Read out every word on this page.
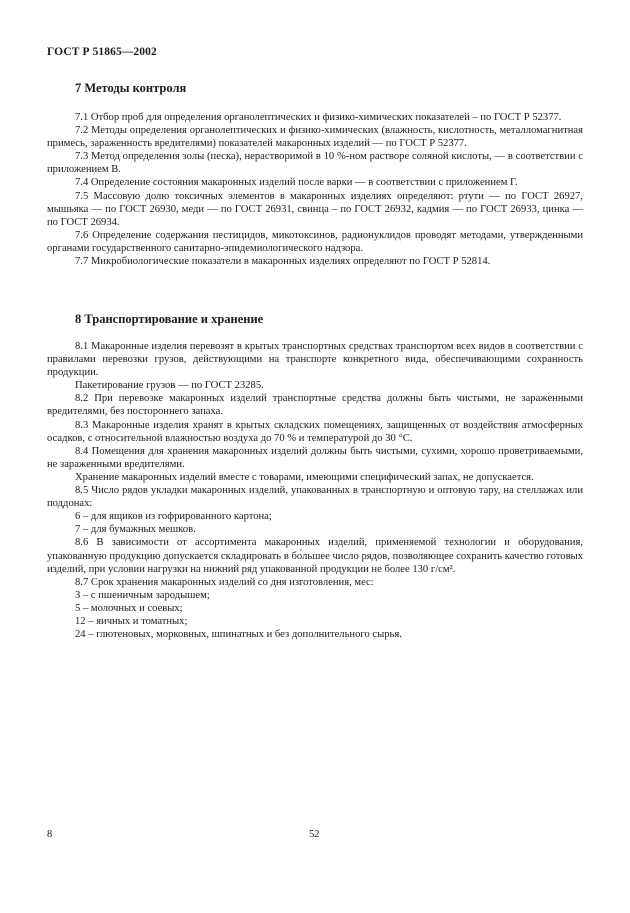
ГОСТ Р 51865—2002
7 Методы контроля

7.1 Отбор проб для определения органолептических и физико-химических показателей – по ГОСТ Р 52377.

7.2 Методы определения органолептических и физико-химических (влажность, кислотность, металломагнитная примесь, зараженность вредителями) показателей макаронных изделий — по ГОСТ Р 52377.

7.3 Метод определения золы (песка), нерастворимой в 10 %-ном растворе соляной кислоты, — в соответствии с приложением В.

7.4 Определение состояния макаронных изделий после варки — в соответствии с приложением Г.

7.5 Массовую долю токсичных элементов в макаронных изделиях определяют: ртути — по ГОСТ 26927, мышьяка — по ГОСТ 26930, меди — по ГОСТ 26931, свинца – по ГОСТ 26932, кадмия — по ГОСТ 26933, цинка — по ГОСТ 26934.

7.6 Определение содержания пестицидов, микотоксинов, радионуклидов проводят методами, утвержденными органами государственного санитарно-эпидемиологического надзора.

7.7 Микробиологические показатели в макаронных изделиях определяют по ГОСТ Р 52814.

8 Транспортирование и хранение

8.1 Макаронные изделия перевозят в крытых транспортных средствах транспортом всех видов в соответствии с правилами перевозки грузов, действующими на транспорте конкретного вида, обеспечивающими сохранность продукции.

Пакетирование грузов — по ГОСТ 23285.

8.2 При перевозке макаронных изделий транспортные средства должны быть чистыми, не зараженными вредителями, без постороннего запаха.

8.3 Макаронные изделия хранят в крытых складских помещениях, защищенных от воздействия атмосферных осадков, с относительной влажностью воздуха до 70 % и температурой до 30 °С.

8.4 Помещения для хранения макаронных изделий должны быть чистыми, сухими, хорошо проветриваемыми, не зараженными вредителями.

Хранение макаронных изделий вместе с товарами, имеющими специфический запах, не допускается.

8.5 Число рядов укладки макаронных изделий, упакованных в транспортную и оптовую тару, на стеллажах или поддонах:

6 – для ящиков из гофрированного картона;

7 – для бумажных мешков.

8.6 В зависимости от ассортимента макаронных изделий, применяемой технологии и оборудования, упакованную продукцию допускается складировать в бо́льшее число рядов, позволяющее сохранить качество готовых изделий, при условии нагрузки на нижний ряд упакованной продукции не более 130 г/см².

8.7 Срок хранения макаронных изделий со дня изготовления, мес:

3 – с пшеничным зародышем;

5 – молочных и соевых;

12 – яичных и томатных;

24 – глютеновых, морковных, шпинатных и без дополнительного сырья.

8	52
